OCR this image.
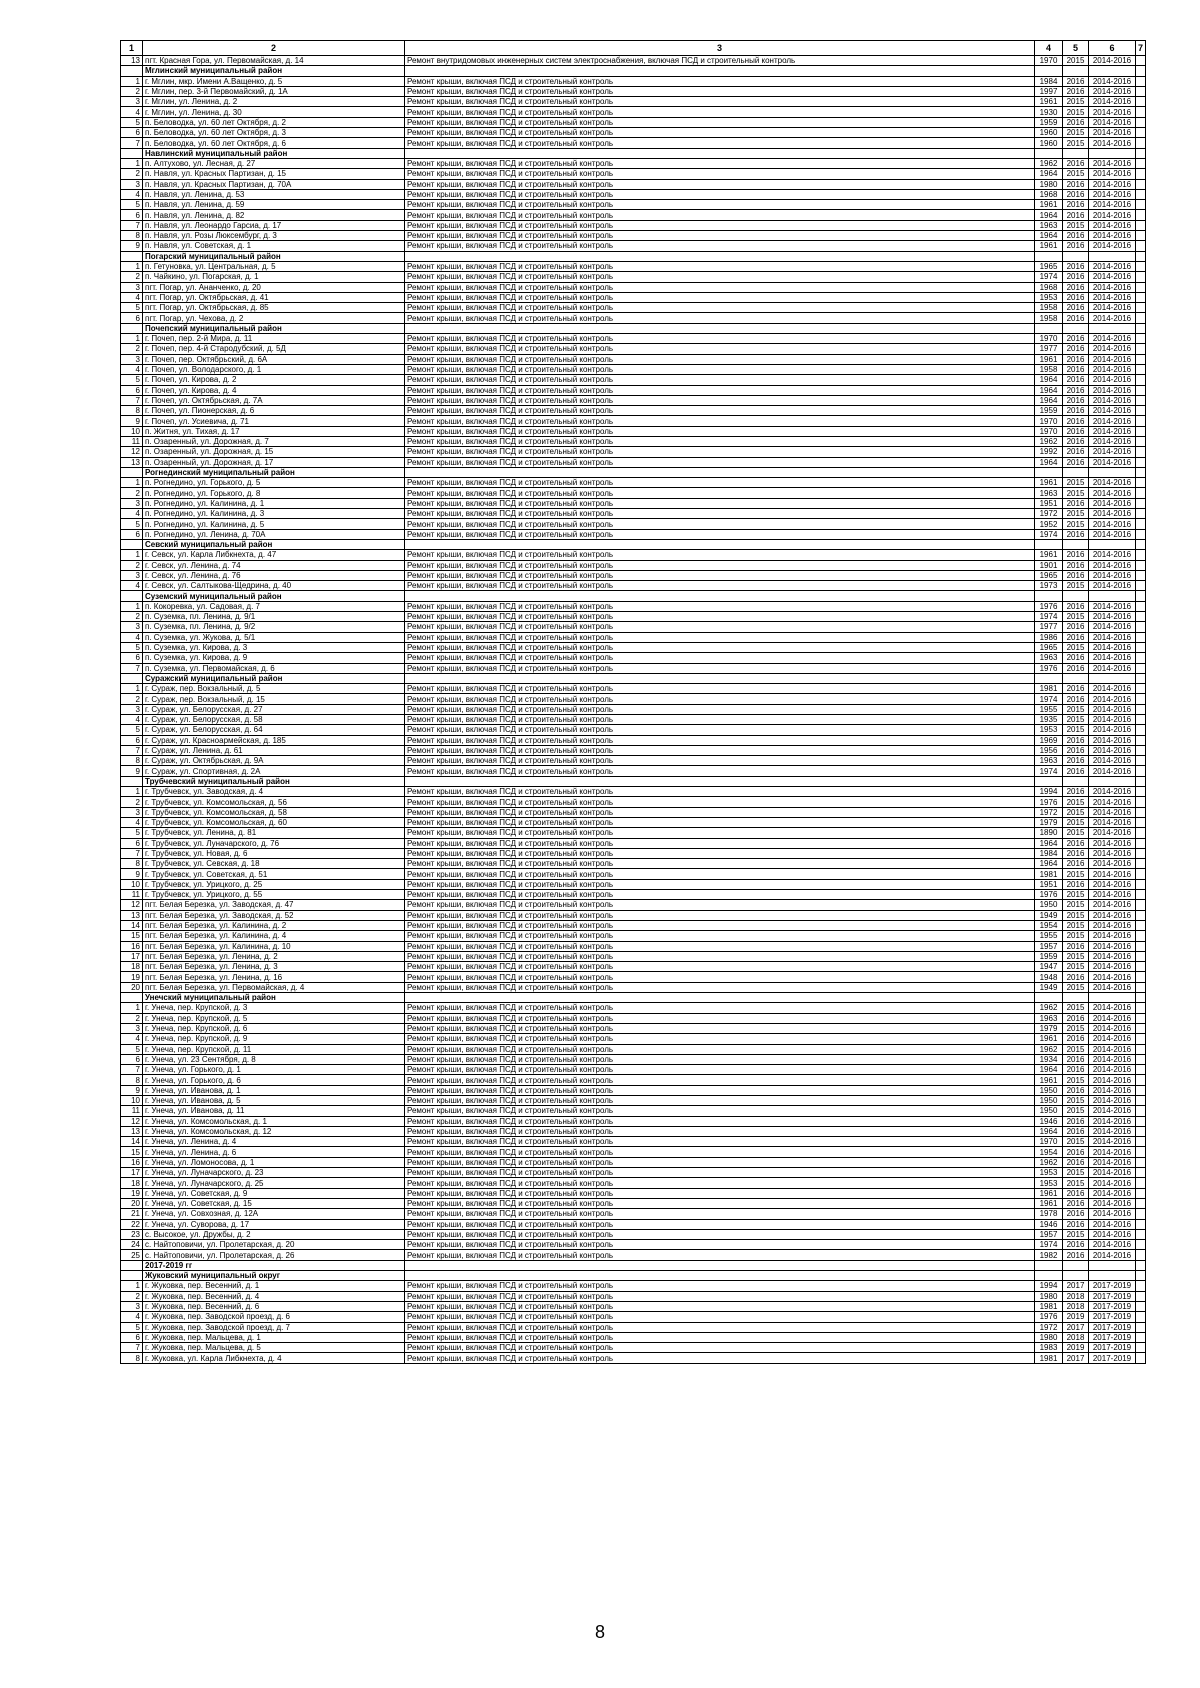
1	2	3	4	5	6	7
13	пгт. Красная Гора, ул. Первомайская, д. 14	Ремонт внутридомовых инженерных систем электроснабжения, включая ПСД и строительный контроль	1970	2015	2014-2016	
	Мглинский муниципальный район					
1	г. Мглин, мкр. Имени А.Ващенко, д. 5	Ремонт крыши, включая ПСД и строительный контроль	1984	2016	2014-2016	
2	г. Мглин, пер. 3-й Первомайский, д. 1А	Ремонт крыши, включая ПСД и строительный контроль	1997	2016	2014-2016	
3	г. Мглин, ул. Ленина, д. 2	Ремонт крыши, включая ПСД и строительный контроль	1961	2015	2014-2016	
4	г. Мглин, ул. Ленина, д. 30	Ремонт крыши, включая ПСД и строительный контроль	1930	2015	2014-2016	
5	п. Беловодка, ул. 60 лет Октября, д. 2	Ремонт крыши, включая ПСД и строительный контроль	1959	2016	2014-2016	
6	п. Беловодка, ул. 60 лет Октября, д. 3	Ремонт крыши, включая ПСД и строительный контроль	1960	2015	2014-2016	
7	п. Беловодка, ул. 60 лет Октября, д. 6	Ремонт крыши, включая ПСД и строительный контроль	1960	2015	2014-2016	
	Навлинский муниципальный район					
1	п. Алтухово, ул. Лесная, д. 27	Ремонт крыши, включая ПСД и строительный контроль	1962	2016	2014-2016	
2	п. Навля, ул. Красных Партизан, д. 15	Ремонт крыши, включая ПСД и строительный контроль	1964	2015	2014-2016	
3	п. Навля, ул. Красных Партизан, д. 70А	Ремонт крыши, включая ПСД и строительный контроль	1980	2016	2014-2016	
4	п. Навля, ул. Ленина, д. 53	Ремонт крыши, включая ПСД и строительный контроль	1968	2016	2014-2016	
5	п. Навля, ул. Ленина, д. 59	Ремонт крыши, включая ПСД и строительный контроль	1961	2016	2014-2016	
6	п. Навля, ул. Ленина, д. 82	Ремонт крыши, включая ПСД и строительный контроль	1964	2016	2014-2016	
7	п. Навля, ул. Леонардо Гарсиа, д. 17	Ремонт крыши, включая ПСД и строительный контроль	1963	2015	2014-2016	
8	п. Навля, ул. Розы Люксембург, д. 3	Ремонт крыши, включая ПСД и строительный контроль	1964	2016	2014-2016	
9	п. Навля, ул. Советская, д. 1	Ремонт крыши, включая ПСД и строительный контроль	1961	2016	2014-2016	
	Погарский муниципальный район					
1	п. Гетуновка, ул. Центральная, д. 5	Ремонт крыши, включая ПСД и строительный контроль	1965	2016	2014-2016	
2	п. Чайкино, ул. Погарская, д. 1	Ремонт крыши, включая ПСД и строительный контроль	1974	2016	2014-2016	
3	пгт. Погар, ул. Ананченко, д. 20	Ремонт крыши, включая ПСД и строительный контроль	1968	2016	2014-2016	
4	пгт. Погар, ул. Октябрьская, д. 41	Ремонт крыши, включая ПСД и строительный контроль	1953	2016	2014-2016	
5	пгт. Погар, ул. Октябрьская, д. 85	Ремонт крыши, включая ПСД и строительный контроль	1958	2016	2014-2016	
6	пгт. Погар, ул. Чехова, д. 2	Ремонт крыши, включая ПСД и строительный контроль	1958	2016	2014-2016	
	Почепский муниципальный район					
1	г. Почеп, пер. 2-й Мира, д. 11	Ремонт крыши, включая ПСД и строительный контроль	1970	2016	2014-2016	
2	г. Почеп, пер. 4-й Стародубский, д. 5Д	Ремонт крыши, включая ПСД и строительный контроль	1977	2016	2014-2016	
3	г. Почеп, пер. Октябрьский, д. 6А	Ремонт крыши, включая ПСД и строительный контроль	1961	2016	2014-2016	
4	г. Почеп, ул. Володарского, д. 1	Ремонт крыши, включая ПСД и строительный контроль	1958	2016	2014-2016	
5	г. Почеп, ул. Кирова, д. 2	Ремонт крыши, включая ПСД и строительный контроль	1964	2016	2014-2016	
6	г. Почеп, ул. Кирова, д. 4	Ремонт крыши, включая ПСД и строительный контроль	1964	2016	2014-2016	
7	г. Почеп, ул. Октябрьская, д. 7А	Ремонт крыши, включая ПСД и строительный контроль	1964	2016	2014-2016	
8	г. Почеп, ул. Пионерская, д. 6	Ремонт крыши, включая ПСД и строительный контроль	1959	2016	2014-2016	
9	г. Почеп, ул. Усиевича, д. 71	Ремонт крыши, включая ПСД и строительный контроль	1970	2016	2014-2016	
10	п. Житня, ул. Тихая, д. 17	Ремонт крыши, включая ПСД и строительный контроль	1970	2016	2014-2016	
11	п. Озаренный, ул. Дорожная, д. 7	Ремонт крыши, включая ПСД и строительный контроль	1962	2016	2014-2016	
12	п. Озаренный, ул. Дорожная, д. 15	Ремонт крыши, включая ПСД и строительный контроль	1992	2016	2014-2016	
13	п. Озаренный, ул. Дорожная, д. 17	Ремонт крыши, включая ПСД и строительный контроль	1964	2016	2014-2016	
	Рогнединский муниципальный район					
1	п. Рогнедино, ул. Горького, д. 5	Ремонт крыши, включая ПСД и строительный контроль	1961	2015	2014-2016	
2	п. Рогнедино, ул. Горького, д. 8	Ремонт крыши, включая ПСД и строительный контроль	1963	2015	2014-2016	
3	п. Рогнедино, ул. Калинина, д. 1	Ремонт крыши, включая ПСД и строительный контроль	1951	2016	2014-2016	
4	п. Рогнедино, ул. Калинина, д. 3	Ремонт крыши, включая ПСД и строительный контроль	1972	2015	2014-2016	
5	п. Рогнедино, ул. Калинина, д. 5	Ремонт крыши, включая ПСД и строительный контроль	1952	2015	2014-2016	
6	п. Рогнедино, ул. Ленина, д. 70А	Ремонт крыши, включая ПСД и строительный контроль	1974	2016	2014-2016	
	Севский муниципальный район					
1	г. Севск, ул. Карла Либкнехта, д. 47	Ремонт крыши, включая ПСД и строительный контроль	1961	2016	2014-2016	
2	г. Севск, ул. Ленина, д. 74	Ремонт крыши, включая ПСД и строительный контроль	1901	2016	2014-2016	
3	г. Севск, ул. Ленина, д. 76	Ремонт крыши, включая ПСД и строительный контроль	1965	2016	2014-2016	
4	г. Севск, ул. Салтыкова-Щедрина, д. 40	Ремонт крыши, включая ПСД и строительный контроль	1973	2015	2014-2016	
	Суземский муниципальный район					
1	п. Кокоревка, ул. Садовая, д. 7	Ремонт крыши, включая ПСД и строительный контроль	1976	2016	2014-2016	
2	п. Суземка, пл. Ленина, д. 9/1	Ремонт крыши, включая ПСД и строительный контроль	1974	2015	2014-2016	
3	п. Суземка, пл. Ленина, д. 9/2	Ремонт крыши, включая ПСД и строительный контроль	1977	2016	2014-2016	
4	п. Суземка, ул. Жукова, д. 5/1	Ремонт крыши, включая ПСД и строительный контроль	1986	2016	2014-2016	
5	п. Суземка, ул. Кирова, д. 3	Ремонт крыши, включая ПСД и строительный контроль	1965	2015	2014-2016	
6	п. Суземка, ул. Кирова, д. 9	Ремонт крыши, включая ПСД и строительный контроль	1963	2016	2014-2016	
7	п. Суземка, ул. Первомайская, д. 6	Ремонт крыши, включая ПСД и строительный контроль	1976	2016	2014-2016	
	Суражский муниципальный район					
1	г. Сураж, пер. Вокзальный, д. 5	Ремонт крыши, включая ПСД и строительный контроль	1981	2016	2014-2016	
2	г. Сураж, пер. Вокзальный, д. 15	Ремонт крыши, включая ПСД и строительный контроль	1974	2016	2014-2016	
3	г. Сураж, ул. Белорусская, д. 27	Ремонт крыши, включая ПСД и строительный контроль	1955	2015	2014-2016	
4	г. Сураж, ул. Белорусская, д. 58	Ремонт крыши, включая ПСД и строительный контроль	1935	2015	2014-2016	
5	г. Сураж, ул. Белорусская, д. 64	Ремонт крыши, включая ПСД и строительный контроль	1953	2015	2014-2016	
6	г. Сураж, ул. Красноармейская, д. 185	Ремонт крыши, включая ПСД и строительный контроль	1969	2016	2014-2016	
7	г. Сураж, ул. Ленина, д. 61	Ремонт крыши, включая ПСД и строительный контроль	1956	2016	2014-2016	
8	г. Сураж, ул. Октябрьская, д. 9А	Ремонт крыши, включая ПСД и строительный контроль	1963	2016	2014-2016	
9	г. Сураж, ул. Спортивная, д. 2А	Ремонт крыши, включая ПСД и строительный контроль	1974	2016	2014-2016	
	Трубчевский муниципальный район					
1	г. Трубчевск, ул. Заводская, д. 4	Ремонт крыши, включая ПСД и строительный контроль	1994	2016	2014-2016	
2	г. Трубчевск, ул. Комсомольская, д. 56	Ремонт крыши, включая ПСД и строительный контроль	1976	2015	2014-2016	
3	г. Трубчевск, ул. Комсомольская, д. 58	Ремонт крыши, включая ПСД и строительный контроль	1972	2015	2014-2016	
4	г. Трубчевск, ул. Комсомольская, д. 60	Ремонт крыши, включая ПСД и строительный контроль	1979	2015	2014-2016	
5	г. Трубчевск, ул. Ленина, д. 81	Ремонт крыши, включая ПСД и строительный контроль	1890	2015	2014-2016	
6	г. Трубчевск, ул. Луначарского, д. 76	Ремонт крыши, включая ПСД и строительный контроль	1964	2016	2014-2016	
7	г. Трубчевск, ул. Новая, д. 6	Ремонт крыши, включая ПСД и строительный контроль	1984	2016	2014-2016	
8	г. Трубчевск, ул. Севская, д. 18	Ремонт крыши, включая ПСД и строительный контроль	1964	2016	2014-2016	
9	г. Трубчевск, ул. Советская, д. 51	Ремонт крыши, включая ПСД и строительный контроль	1981	2015	2014-2016	
10	г. Трубчевск, ул. Урицкого, д. 25	Ремонт крыши, включая ПСД и строительный контроль	1951	2016	2014-2016	
11	г. Трубчевск, ул. Урицкого, д. 55	Ремонт крыши, включая ПСД и строительный контроль	1976	2015	2014-2016	
12	пгт. Белая Березка, ул. Заводская, д. 47	Ремонт крыши, включая ПСД и строительный контроль	1950	2015	2014-2016	
13	пгт. Белая Березка, ул. Заводская, д. 52	Ремонт крыши, включая ПСД и строительный контроль	1949	2015	2014-2016	
14	пгт. Белая Березка, ул. Калинина, д. 2	Ремонт крыши, включая ПСД и строительный контроль	1954	2015	2014-2016	
15	пгт. Белая Березка, ул. Калинина, д. 4	Ремонт крыши, включая ПСД и строительный контроль	1955	2015	2014-2016	
16	пгт. Белая Березка, ул. Калинина, д. 10	Ремонт крыши, включая ПСД и строительный контроль	1957	2016	2014-2016	
17	пгт. Белая Березка, ул. Ленина, д. 2	Ремонт крыши, включая ПСД и строительный контроль	1959	2015	2014-2016	
18	пгт. Белая Березка, ул. Ленина, д. 3	Ремонт крыши, включая ПСД и строительный контроль	1947	2015	2014-2016	
19	пгт. Белая Березка, ул. Ленина, д. 16	Ремонт крыши, включая ПСД и строительный контроль	1948	2016	2014-2016	
20	пгт. Белая Березка, ул. Первомайская, д. 4	Ремонт крыши, включая ПСД и строительный контроль	1949	2015	2014-2016	
	Унечский муниципальный район					
1	г. Унеча, пер. Крупской, д. 3	Ремонт крыши, включая ПСД и строительный контроль	1962	2015	2014-2016	
2	г. Унеча, пер. Крупской, д. 5	Ремонт крыши, включая ПСД и строительный контроль	1963	2016	2014-2016	
3	г. Унеча, пер. Крупской, д. 6	Ремонт крыши, включая ПСД и строительный контроль	1979	2015	2014-2016	
4	г. Унеча, пер. Крупской, д. 9	Ремонт крыши, включая ПСД и строительный контроль	1961	2016	2014-2016	
5	г. Унеча, пер. Крупской, д. 11	Ремонт крыши, включая ПСД и строительный контроль	1962	2015	2014-2016	
6	г. Унеча, ул. 23 Сентября, д. 8	Ремонт крыши, включая ПСД и строительный контроль	1934	2016	2014-2016	
7	г. Унеча, ул. Горького, д. 1	Ремонт крыши, включая ПСД и строительный контроль	1964	2016	2014-2016	
8	г. Унеча, ул. Горького, д. 6	Ремонт крыши, включая ПСД и строительный контроль	1961	2015	2014-2016	
9	г. Унеча, ул. Иванова, д. 1	Ремонт крыши, включая ПСД и строительный контроль	1950	2016	2014-2016	
10	г. Унеча, ул. Иванова, д. 5	Ремонт крыши, включая ПСД и строительный контроль	1950	2015	2014-2016	
11	г. Унеча, ул. Иванова, д. 11	Ремонт крыши, включая ПСД и строительный контроль	1950	2015	2014-2016	
12	г. Унеча, ул. Комсомольская, д. 1	Ремонт крыши, включая ПСД и строительный контроль	1946	2016	2014-2016	
13	г. Унеча, ул. Комсомольская, д. 12	Ремонт крыши, включая ПСД и строительный контроль	1964	2016	2014-2016	
14	г. Унеча, ул. Ленина, д. 4	Ремонт крыши, включая ПСД и строительный контроль	1970	2015	2014-2016	
15	г. Унеча, ул. Ленина, д. 6	Ремонт крыши, включая ПСД и строительный контроль	1954	2016	2014-2016	
16	г. Унеча, ул. Ломоносова, д. 1	Ремонт крыши, включая ПСД и строительный контроль	1962	2016	2014-2016	
17	г. Унеча, ул. Луначарского, д. 23	Ремонт крыши, включая ПСД и строительный контроль	1953	2015	2014-2016	
18	г. Унеча, ул. Луначарского, д. 25	Ремонт крыши, включая ПСД и строительный контроль	1953	2015	2014-2016	
19	г. Унеча, ул. Советская, д. 9	Ремонт крыши, включая ПСД и строительный контроль	1961	2016	2014-2016	
20	г. Унеча, ул. Советская, д. 15	Ремонт крыши, включая ПСД и строительный контроль	1961	2016	2014-2016	
21	г. Унеча, ул. Совхозная, д. 12А	Ремонт крыши, включая ПСД и строительный контроль	1978	2016	2014-2016	
22	г. Унеча, ул. Суворова, д. 17	Ремонт крыши, включая ПСД и строительный контроль	1946	2016	2014-2016	
23	с. Высокое, ул. Дружбы, д. 2	Ремонт крыши, включая ПСД и строительный контроль	1957	2015	2014-2016	
24	с. Найтоповичи, ул. Пролетарская, д. 20	Ремонт крыши, включая ПСД и строительный контроль	1974	2016	2014-2016	
25	с. Найтоповичи, ул. Пролетарская, д. 26	Ремонт крыши, включая ПСД и строительный контроль	1982	2016	2014-2016	
	2017-2019 гг					
	Жуковский муниципальный округ					
1	г. Жуковка, пер. Весенний, д. 1	Ремонт крыши, включая ПСД и строительный контроль	1994	2017	2017-2019	
2	г. Жуковка, пер. Весенний, д. 4	Ремонт крыши, включая ПСД и строительный контроль	1980	2018	2017-2019	
3	г. Жуковка, пер. Весенний, д. 6	Ремонт крыши, включая ПСД и строительный контроль	1981	2018	2017-2019	
4	г. Жуковка, пер. Заводской проезд, д. 6	Ремонт крыши, включая ПСД и строительный контроль	1976	2019	2017-2019	
5	г. Жуковка, пер. Заводской проезд, д. 7	Ремонт крыши, включая ПСД и строительный контроль	1972	2017	2017-2019	
6	г. Жуковка, пер. Мальцева, д. 1	Ремонт крыши, включая ПСД и строительный контроль	1980	2018	2017-2019	
7	г. Жуковка, пер. Мальцева, д. 5	Ремонт крыши, включая ПСД и строительный контроль	1983	2019	2017-2019	
8	г. Жуковка, ул. Карла Либкнехта, д. 4	Ремонт крыши, включая ПСД и строительный контроль	1981	2017	2017-2019	
8
